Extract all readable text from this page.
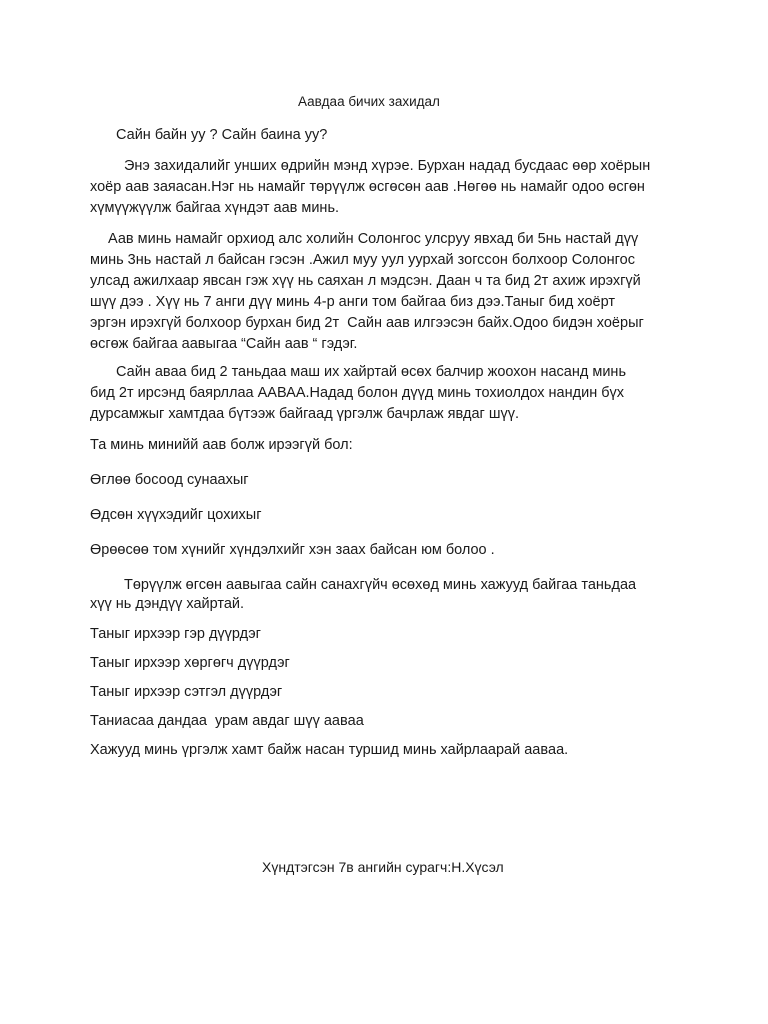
Аавдаа бичих захидал

Сайн байн уу ? Сайн баина уу?

Энэ захидалийг унших өдрийн мэнд хүрэе. Бурхан надад бусдаас өөр хоёрын

хоёр аав заяасан.Нэг нь намайг төрүүлж өсгөсөн аав .Нөгөө нь намайг одоо өсгөн

хүмүүжүүлж байгаа хүндэт аав минь.

Аав минь намайг орхиод алс холийн Солонгос улсруу явхад би 5нь настай дүү

минь 3нь настай л байсан гэсэн .Ажил муу уул уурхай зогссон болхоор Солонгос

улсад ажилхаар явсан гэж хүү нь саяхан л мэдсэн. Даан ч та бид 2т ахиж ирэхгүй

шүү дээ . Хүү нь 7 анги дүү минь 4-р анги том байгаа биз дээ.Таныг бид хоёрт

эргэн ирэхгүй болхоор бурхан бид 2т  Сайн аав илгээсэн байх.Одоо бидэн хоёрыг

өсгөж байгаа аавыгаа “Сайн аав “ гэдэг.

Сайн аваа бид 2 таньдаа маш их хайртай өсөх балчир жоохон насанд минь

бид 2т ирсэнд баярллаа ААВАА.Надад болон дүүд минь тохиолдох нандин бүх

дурсамжыг хамтдаа бүтээж байгаад үргэлж бачрлаж явдаг шүү.

Та минь минийй аав болж ирээгүй бол:

Өглөө босоод сунаахыг

Өдсөн хүүхэдийг цохихыг

Өрөөсөө том хүнийг хүндэлхийг хэн заах байсан юм болоо .

Төрүүлж өгсөн аавыгаа сайн санахгүйч өсөхөд минь хажууд байгаа таньдаа

хүү нь дэндүү хайртай.

Таныг ирхээр гэр дүүрдэг

Таныг ирхээр хөргөгч дүүрдэг

Таныг ирхээр сэтгэл дүүрдэг

Таниасаа дандаа  урам авдаг шүү аавaa

Хажууд минь үргэлж хамт байж насан туршид минь хайрлаарай аавaa.

Хүндтэгсэн 7в ангийн сурагч:Н.Хүсэл
